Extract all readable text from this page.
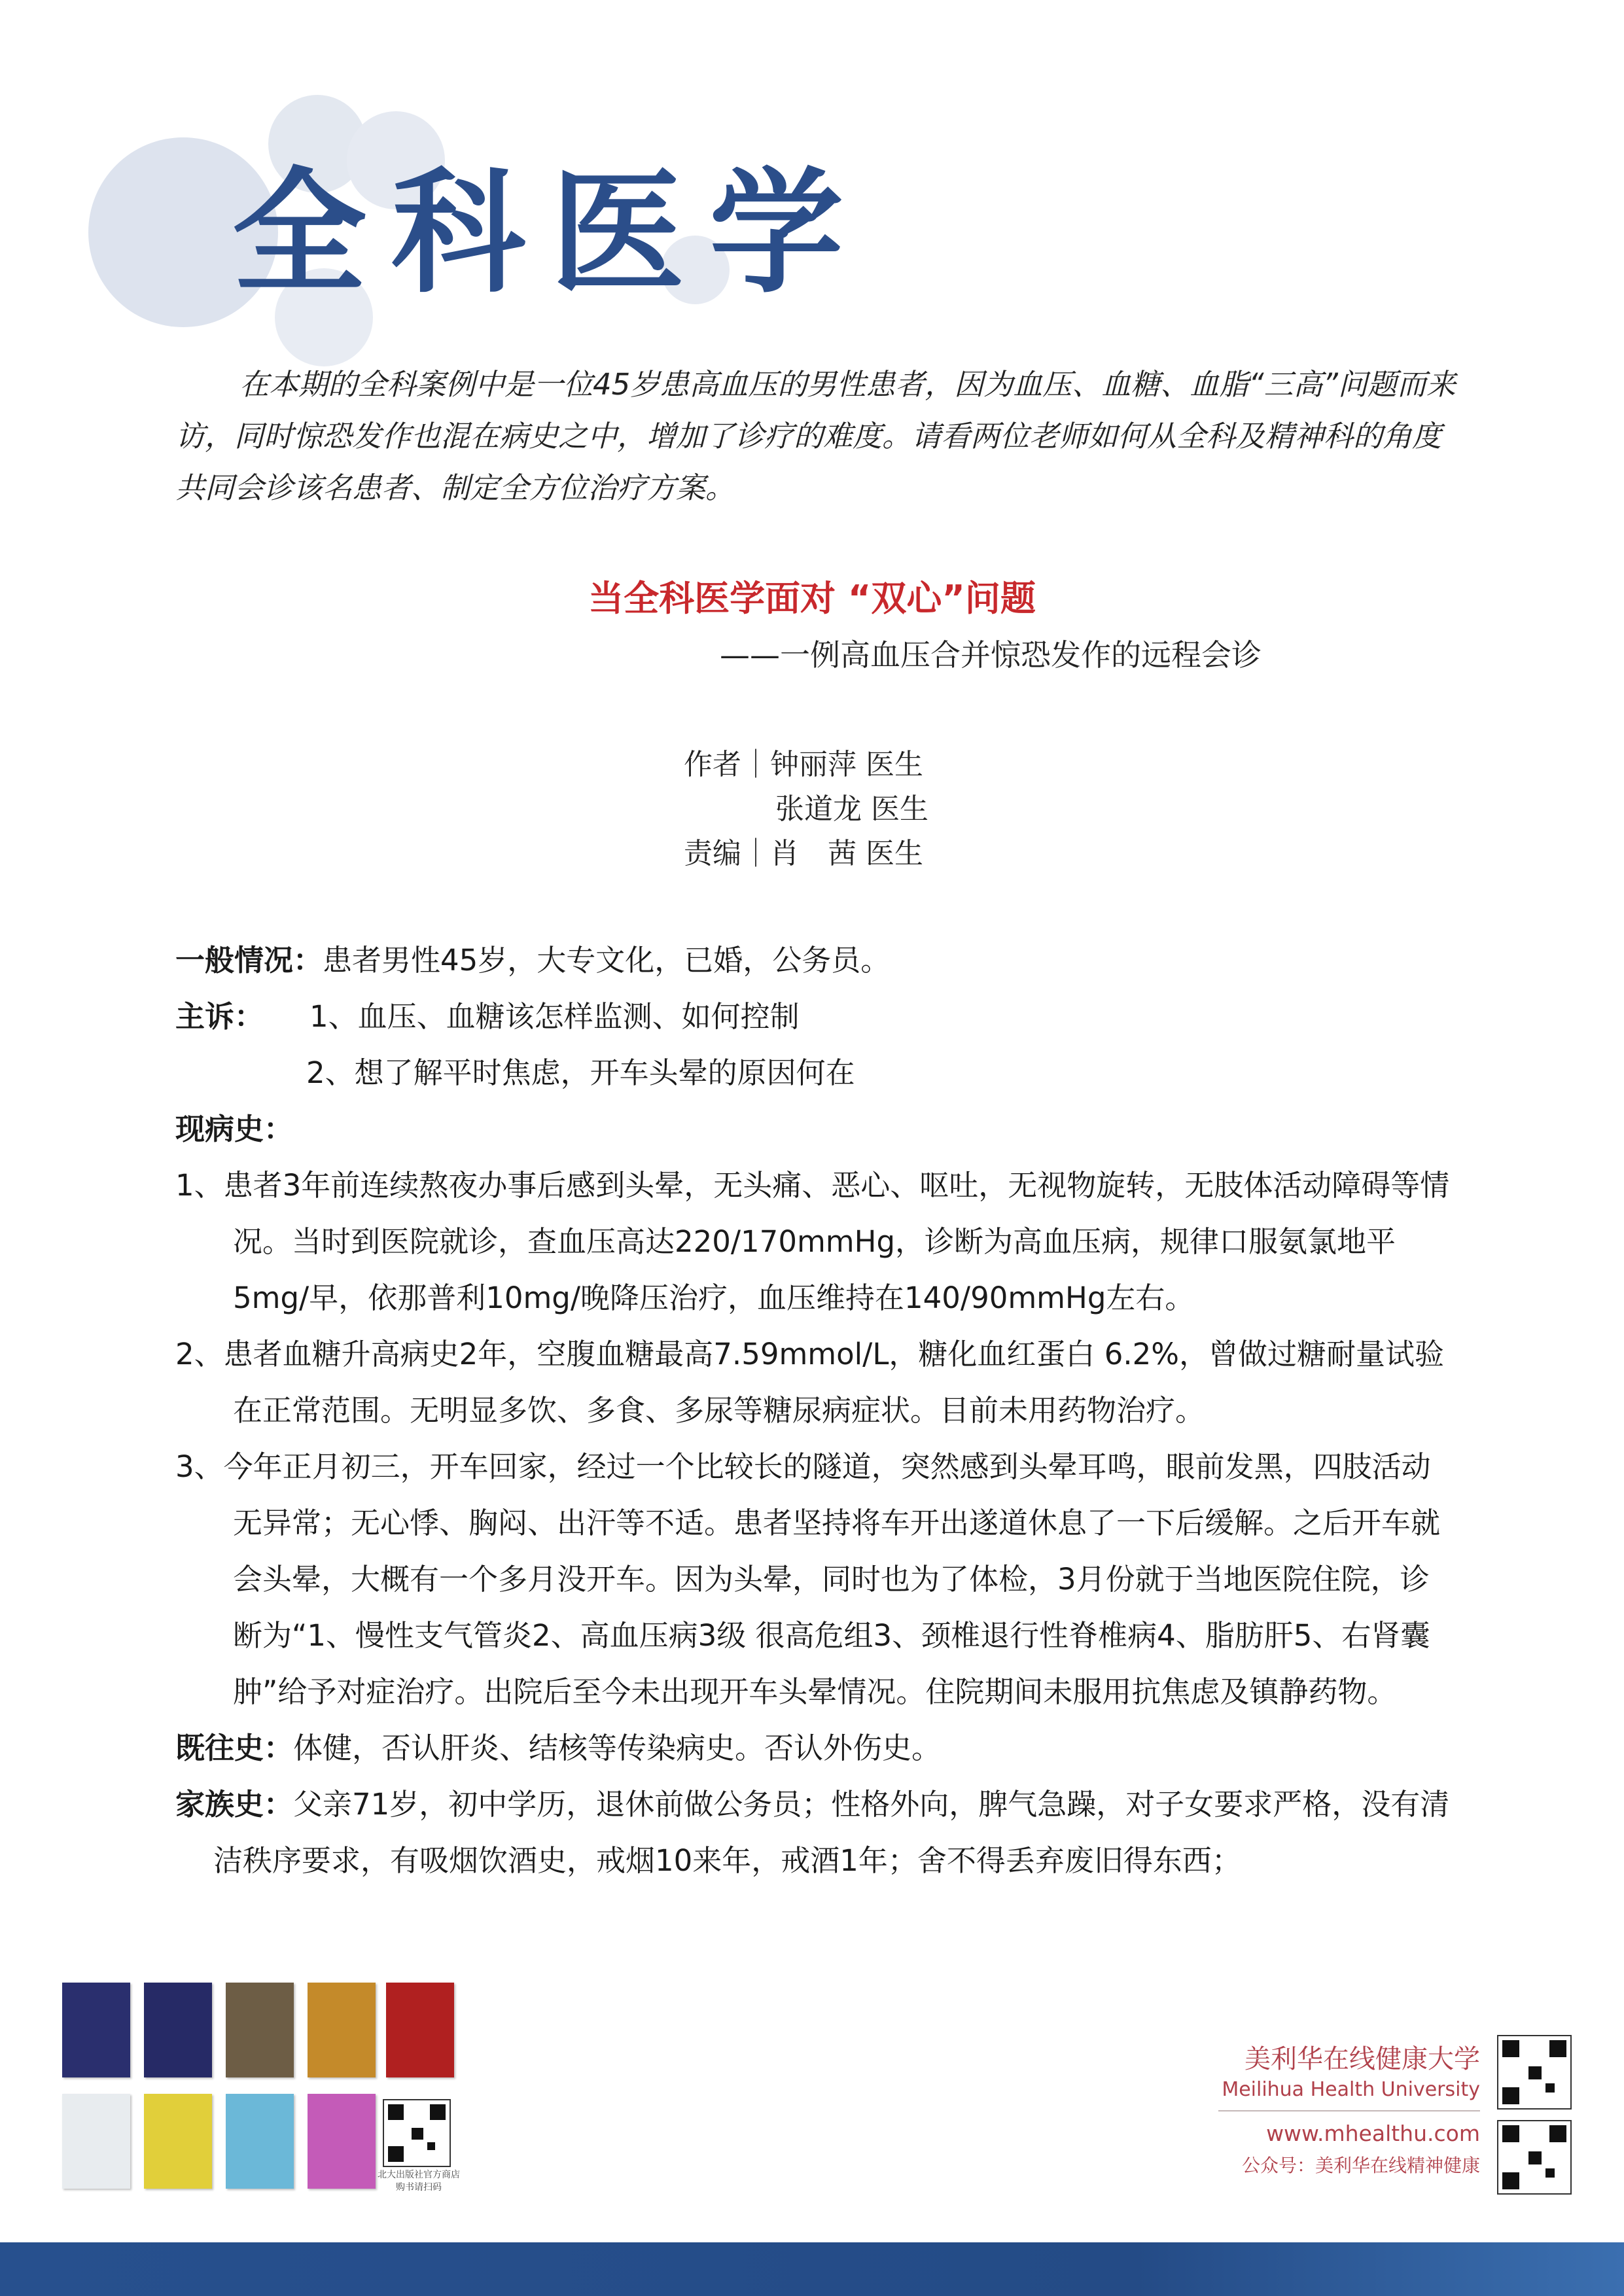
全科医学
在本期的全科案例中是一位45岁患高血压的男性患者，因为血压、血糖、血脂“三高”问题而来访，同时惊恐发作也混在病史之中，增加了诊疗的难度。请看两位老师如何从全科及精神科的角度共同会诊该名患者、制定全方位治疗方案。
当全科医学面对 “双心”问题
——一例高血压合并惊恐发作的远程会诊
作者｜钟丽萍 医生
张道龙 医生
责编｜肖　茜 医生
一般情况：患者男性45岁，大专文化，已婚，公务员。
主诉： 1、血压、血糖该怎样监测、如何控制
2、想了解平时焦虑，开车头晕的原因何在
现病史：
1、患者3年前连续熬夜办事后感到头晕，无头痛、恶心、呕吐，无视物旋转，无肢体活动障碍等情况。当时到医院就诊，查血压高达220/170mmHg，诊断为高血压病，规律口服氨氯地平5mg/早，依那普利10mg/晚降压治疗，血压维持在140/90mmHg左右。
2、患者血糖升高病史2年，空腹血糖最高7.59mmol/L，糖化血红蛋白 6.2%，曾做过糖耐量试验在正常范围。无明显多饮、多食、多尿等糖尿病症状。目前未用药物治疗。
3、今年正月初三，开车回家，经过一个比较长的隧道，突然感到头晕耳鸣，眼前发黑，四肢活动无异常；无心悸、胸闷、出汗等不适。患者坚持将车开出遂道休息了一下后缓解。之后开车就会头晕，大概有一个多月没开车。因为头晕，同时也为了体检，3月份就于当地医院住院，诊断为“1、慢性支气管炎2、高血压病3级 很高危组3、颈椎退行性脊椎病4、脂肪肝5、右肾囊肿”给予对症治疗。出院后至今未出现开车头晕情况。住院期间未服用抗焦虑及镇静药物。
既往史：体健，否认肝炎、结核等传染病史。否认外伤史。
家族史：父亲71岁，初中学历，退休前做公务员；性格外向，脾气急躁，对子女要求严格，没有清洁秩序要求，有吸烟饮酒史，戒烟10来年，戒酒1年；舍不得丢弃废旧得东西；
北大出版社官方商店购书请扫码
美利华在线健康大学
Meilihua Health University
www.mhealthu.com
公众号：美利华在线精神健康
